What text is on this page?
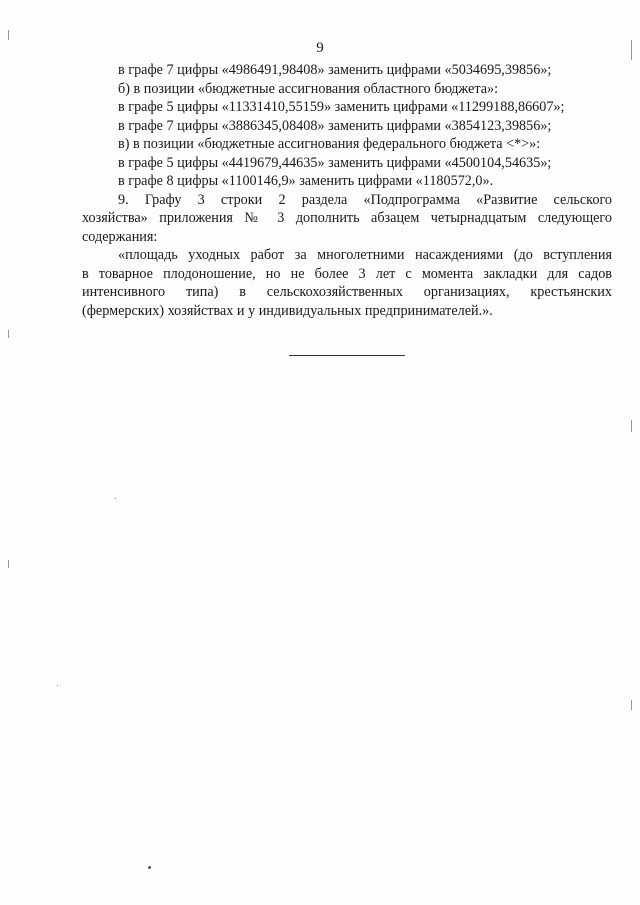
9
в графе 7 цифры «4986491,98408» заменить цифрами «5034695,39856»;
б) в позиции «бюджетные ассигнования областного бюджета»:
в графе 5 цифры «11331410,55159» заменить цифрами «11299188,86607»;
в графе 7 цифры «3886345,08408» заменить цифрами «3854123,39856»;
в) в позиции «бюджетные ассигнования федерального бюджета <*>»:
в графе 5 цифры «4419679,44635» заменить цифрами «4500104,54635»;
в графе 8 цифры «1100146,9» заменить цифрами «1180572,0».
9. Графу 3 строки 2 раздела «Подпрограмма «Развитие сельского
хозяйства» приложения № 3 дополнить абзацем четырнадцатым следующего
содержания:
«площадь уходных работ за многолетними насаждениями (до вступления
в товарное плодоношение, но не более 3 лет с момента закладки для садов
интенсивного типа) в сельскохозяйственных организациях, крестьянских
(фермерских) хозяйствах и у индивидуальных предпринимателей.».
